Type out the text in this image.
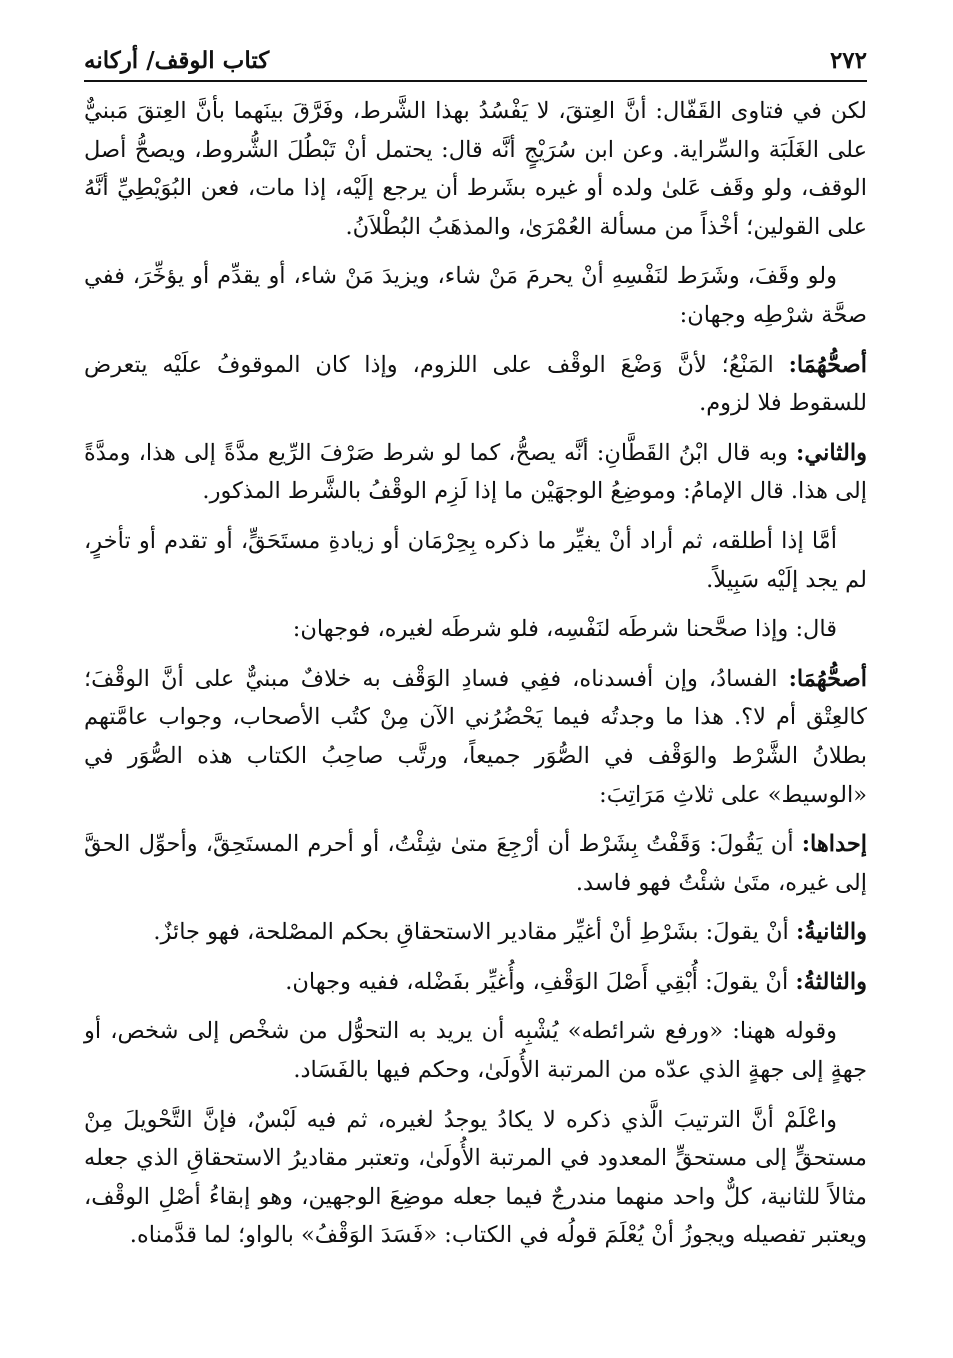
٢٧٢
كتاب الوقف/ أركانه

لكن في فتاوى القَفّال: أنَّ العِتقَ، لا يَفْسُدُ بهذا الشَّرط، وفَرَّقَ بينَهما بأنَّ العِتقَ مَبنيٌّ على الغَلَبَة والسِّراية. وعن ابن سُرَيْجٍ أنَّه قال: يحتمل أنْ تَبْطُلَ الشُّروط، ويصحُّ أصل الوقف، ولو وقَف عَلىٰ ولده أو غيره بشَرط أن يرجع إلَيْه، إذا مات، فعن البُوَيْطِيِّ أنَّهُ على القولين؛ أخْذاً من مسألة العُمْرَىٰ، والمذهَبُ البُطْلاَنُ.

ولو وقَفَ، وشَرَط لنَفْسِهِ أنْ يحرمَ مَنْ شاء، ويزيدَ مَنْ شاء، أو يقدِّم أو يؤخِّرَ، ففي صحَّة شرْطِه وجهان:

أصحُّهُمَا: المَنْعُ؛ لأنَّ وَضْعَ الوقْف على اللزوم، وإذا كان الموقوفُ علَيْه يتعرض للسقوط فلا لزوم.

والثاني: وبه قال ابْنُ القَطَّانِ: أنَّه يصحُّ، كما لو شرط صَرْفَ الرِّيع مدَّةً إلى هذا، ومدَّةً إلى هذا. قال الإمامُ: وموضِعُ الوجهَيْن ما إذا لَزِم الوقْفُ بالشَّرط المذكور.

أمَّا إذا أطلقه، ثم أراد أنْ يغيِّر ما ذكره بِحِرْمَان أو زيادةِ مستَحَقٍّ، أو تقدم أو تأخرٍ، لم يجد إلَيْه سَبِيلاً.

قال: وإذا صحَّحنا شرطَه لنَفْسِه، فلو شرطَه لغيره، فوجهان:

أصحُّهُمَا: الفسادُ، وإن أفسدناه، ففِي فسادِ الوَقْف به خلافٌ مبنيٌّ على أنَّ الوقْفَ؛ كالعِتْق أم لا؟. هذا ما وجدتُه فيما يَحْضُرُني الآن مِنْ كتُب الأصحاب، وجواب عامَّتهم بطلانُ الشَّرْط والوَقْف في الصُّوَر جميعاً، ورتَّب صاحِبُ الكتاب هذه الصُّوَر في «الوسيط» على ثلاثِ مَرَاتِبَ:

إحداها: أن يَقُولَ: وَقَفْتُ بِشَرْط أن أرْجِعَ متىٰ شِئْتُ، أو أحرم المستَحِقَّ، وأحوِّل الحقَّ إلى غيره، متَىٰ شئْتُ فهو فاسد.

والثانيةُ: أنْ يقولَ: بشَرْطِ أنْ أغيِّر مقادير الاستحقاقِ بحكم المصْلحة، فهو جائزٌ.

والثالثةُ: أنْ يقولَ: أُبْقِي أَصْلَ الوَقْفِ، وأُغيِّر بفَضْله، ففيه وجهان.

وقوله ههنا: «ورفع شرائطه» يُشْبِه أن يريد به التحوُّل من شخْص إلى شخص، أو جهةٍ إلى جهةٍ الذي عدّه من المرتبة الأُولَىٰ، وحكم فيها بالفَسَاد.

واعْلَمْ أنَّ الترتيبَ الَّذي ذكره لا يكادُ يوجدُ لغيره، ثم فيه لَبْسٌ، فإنَّ التَّحْويلَ مِنْ مستحقٍّ إلى مستحقٍّ المعدود في المرتبة الأُولَىٰ، وتعتبر مقاديرُ الاستحقاقِ الذي جعله مثالاً للثانية، كلٌّ واحد منهما مندرجٌ فيما جعله موضِعَ الوجهين، وهو إبقاءُ أصْلِ الوقْف، ويعتبر تفصيله ويجوزُ أنْ يُعْلَمَ قولُه في الكتاب: «فَسَدَ الوَقْفُ» بالواو؛ لما قدَّمناه.
